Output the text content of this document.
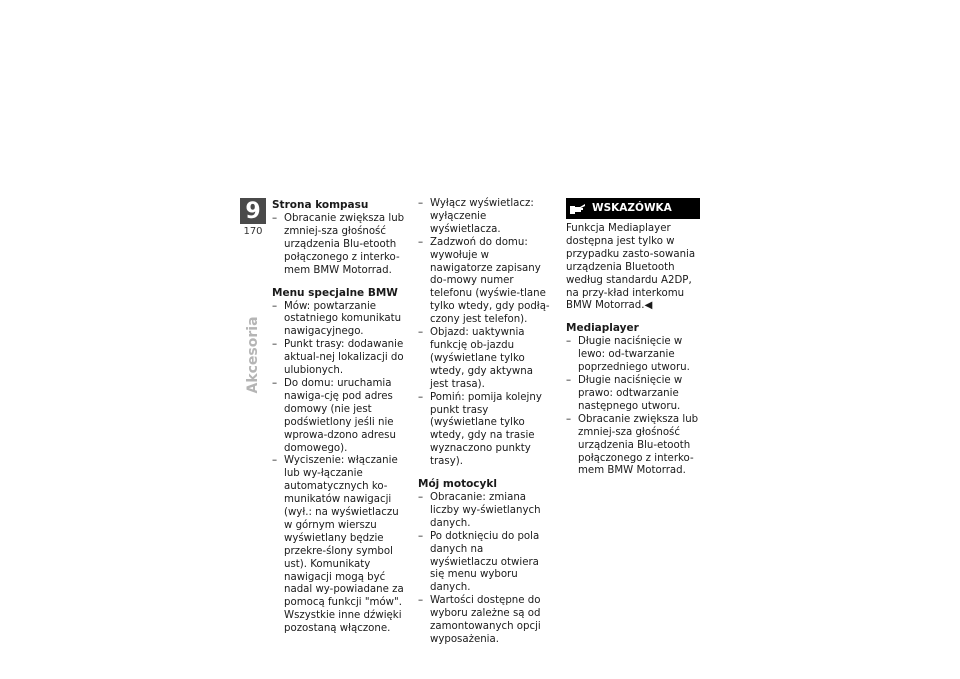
9
170
Akcesoria
Strona kompasu
– Obracanie zwiększa lub zmniej-sza głośność urządzenia Blu-etooth połączonego z interko-mem BMW Motorrad.
Menu specjalne BMW
– Mów: powtarzanie ostatniego komunikatu nawigacyjnego.
– Punkt trasy: dodawanie aktual-nej lokalizacji do ulubionych.
– Do domu: uruchamia nawiga-cję pod adres domowy (nie jest podświetlony jeśli nie wprowa-dzono adresu domowego).
– Wyciszenie: włączanie lub wy-łączanie automatycznych ko-munikatów nawigacji (wył.: na wyświetlaczu w górnym wierszu wyświetlany będzie przekre-ślony symbol ust). Komunikaty nawigacji mogą być nadal wy-powiadane za pomocą funkcji "mów". Wszystkie inne dźwięki pozostaną włączone.
– Wyłącz wyświetlacz: wyłączenie wyświetlacza.
– Zadzwoń do domu: wywołuje w nawigatorze zapisany do-mowy numer telefonu (wyświe-tlane tylko wtedy, gdy podłą-czony jest telefon).
– Objazd: uaktywnia funkcję ob-jazdu (wyświetlane tylko wtedy, gdy aktywna jest trasa).
– Pomiń: pomija kolejny punkt trasy (wyświetlane tylko wtedy, gdy na trasie wyznaczono punkty trasy).
Mój motocykl
– Obracanie: zmiana liczby wy-świetlanych danych.
– Po dotknięciu do pola danych na wyświetlaczu otwiera się menu wyboru danych.
– Wartości dostępne do wyboru zależne są od zamontowanych opcji wyposażenia.
WSKAZÓWKA

Funkcja Mediaplayer dostępna jest tylko w przypadku zasto-sowania urządzenia Bluetooth według standardu A2DP, na przy-kład interkomu BMW Motorrad.◀

Mediaplayer
– Długie naciśnięcie w lewo: od-twarzanie poprzedniego utworu.
– Długie naciśnięcie w prawo: odtwarzanie następnego utworu.
– Obracanie zwiększa lub zmniej-sza głośność urządzenia Blu-etooth połączonego z interko-mem BMW Motorrad.
